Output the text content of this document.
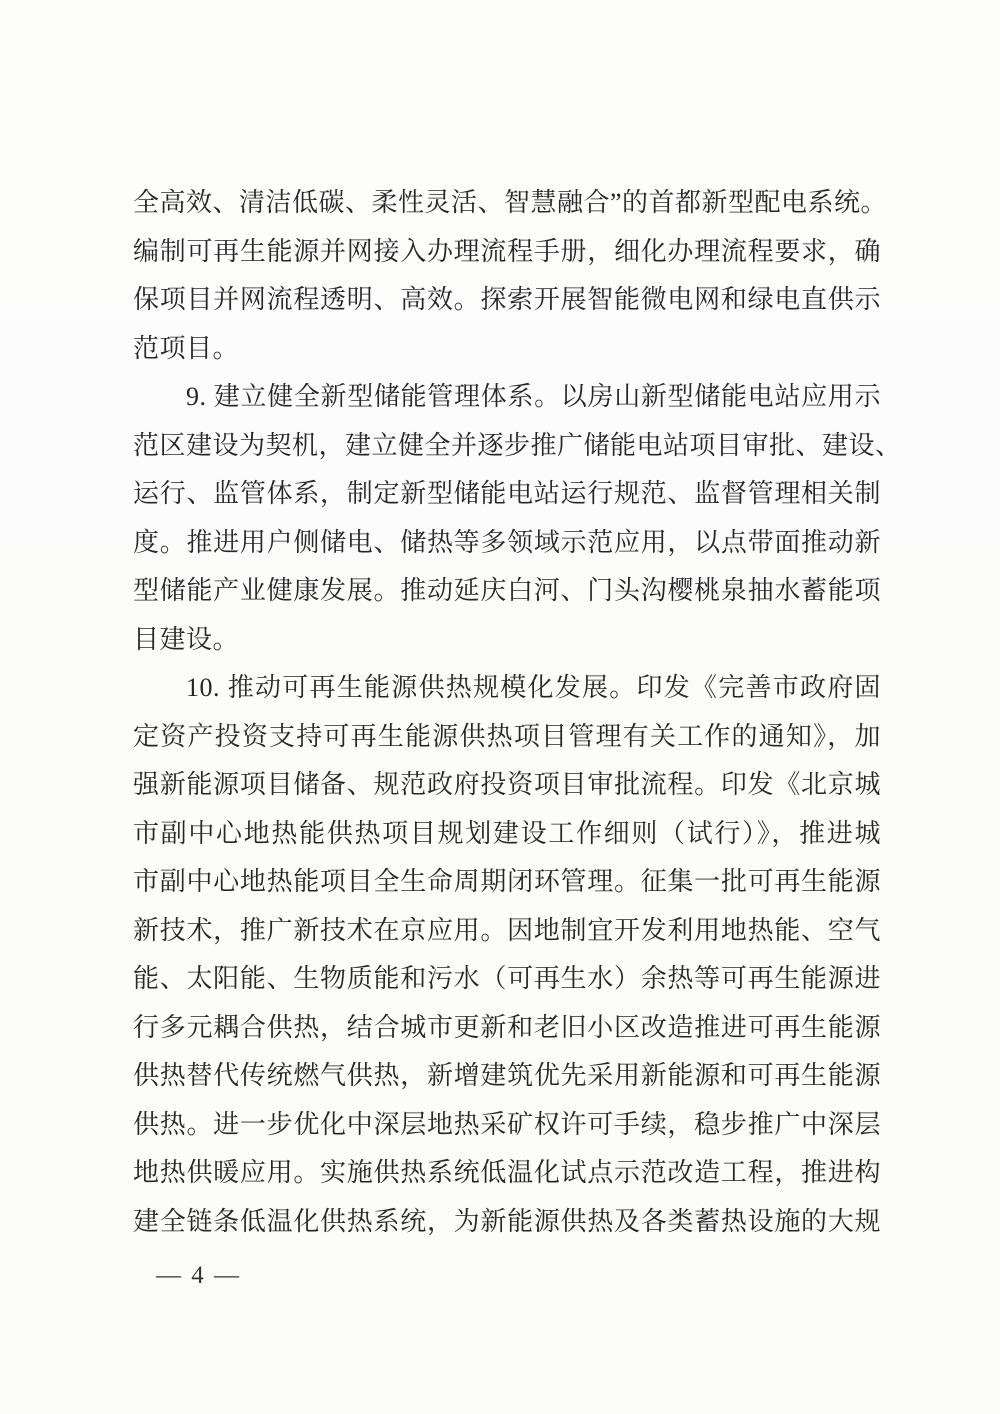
全高效、清洁低碳、柔性灵活、智慧融合”的首都新型配电系统。
编制可再生能源并网接入办理流程手册，细化办理流程要求，确
保项目并网流程透明、高效。探索开展智能微电网和绿电直供示
范项目。
9. 建立健全新型储能管理体系。以房山新型储能电站应用示
范区建设为契机，建立健全并逐步推广储能电站项目审批、建设、
运行、监管体系，制定新型储能电站运行规范、监督管理相关制
度。推进用户侧储电、储热等多领域示范应用，以点带面推动新
型储能产业健康发展。推动延庆白河、门头沟樱桃泉抽水蓄能项
目建设。
10. 推动可再生能源供热规模化发展。印发《完善市政府固
定资产投资支持可再生能源供热项目管理有关工作的通知》，加
强新能源项目储备、规范政府投资项目审批流程。印发《北京城
市副中心地热能供热项目规划建设工作细则（试行）》，推进城
市副中心地热能项目全生命周期闭环管理。征集一批可再生能源
新技术，推广新技术在京应用。因地制宜开发利用地热能、空气
能、太阳能、生物质能和污水（可再生水）余热等可再生能源进
行多元耦合供热，结合城市更新和老旧小区改造推进可再生能源
供热替代传统燃气供热，新增建筑优先采用新能源和可再生能源
供热。进一步优化中深层地热采矿权许可手续，稳步推广中深层
地热供暖应用。实施供热系统低温化试点示范改造工程，推进构
建全链条低温化供热系统，为新能源供热及各类蓄热设施的大规
— 4 —
